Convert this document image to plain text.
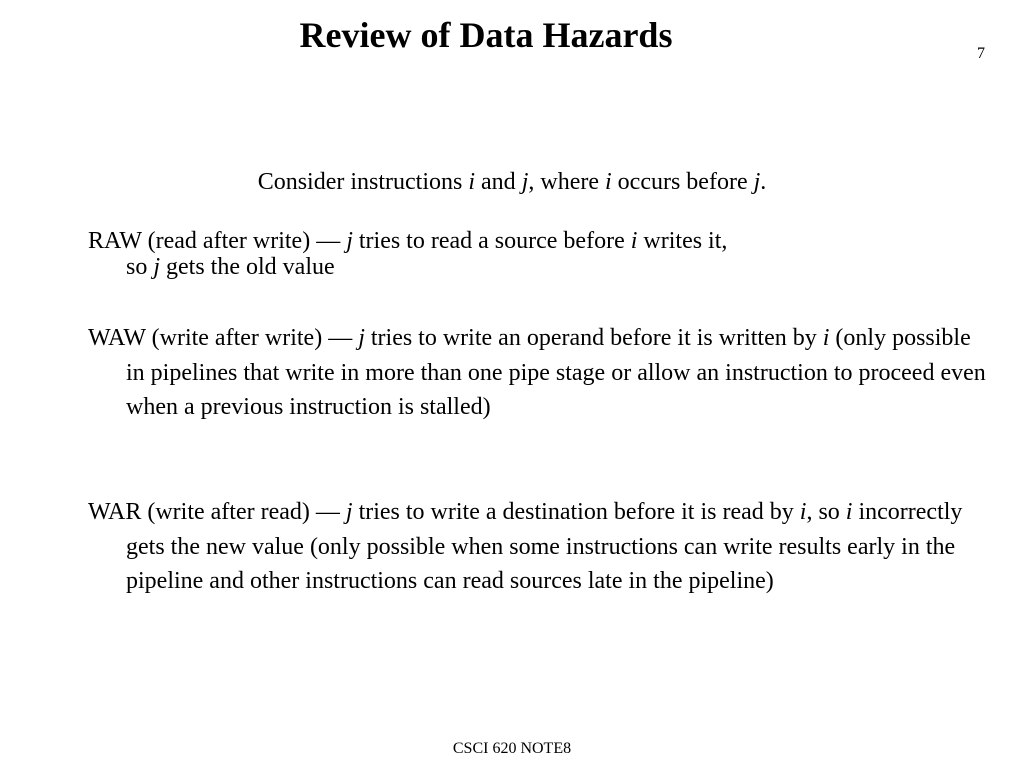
Review of Data Hazards	7
Consider instructions i and j, where i occurs before j.
RAW (read after write) — j tries to read a source before i writes it,
so j gets the old value
WAW (write after write) — j tries to write an operand before it is written by i (only possible in pipelines that write in more than one pipe stage or allow an instruction to proceed even when a previous instruction is stalled)
WAR (write after read) — j tries to write a destination before it is read by i, so i incorrectly gets the new value (only possible when some instructions can write results early in the pipeline and other instructions can read sources late in the pipeline)
CSCI 620 NOTE8
